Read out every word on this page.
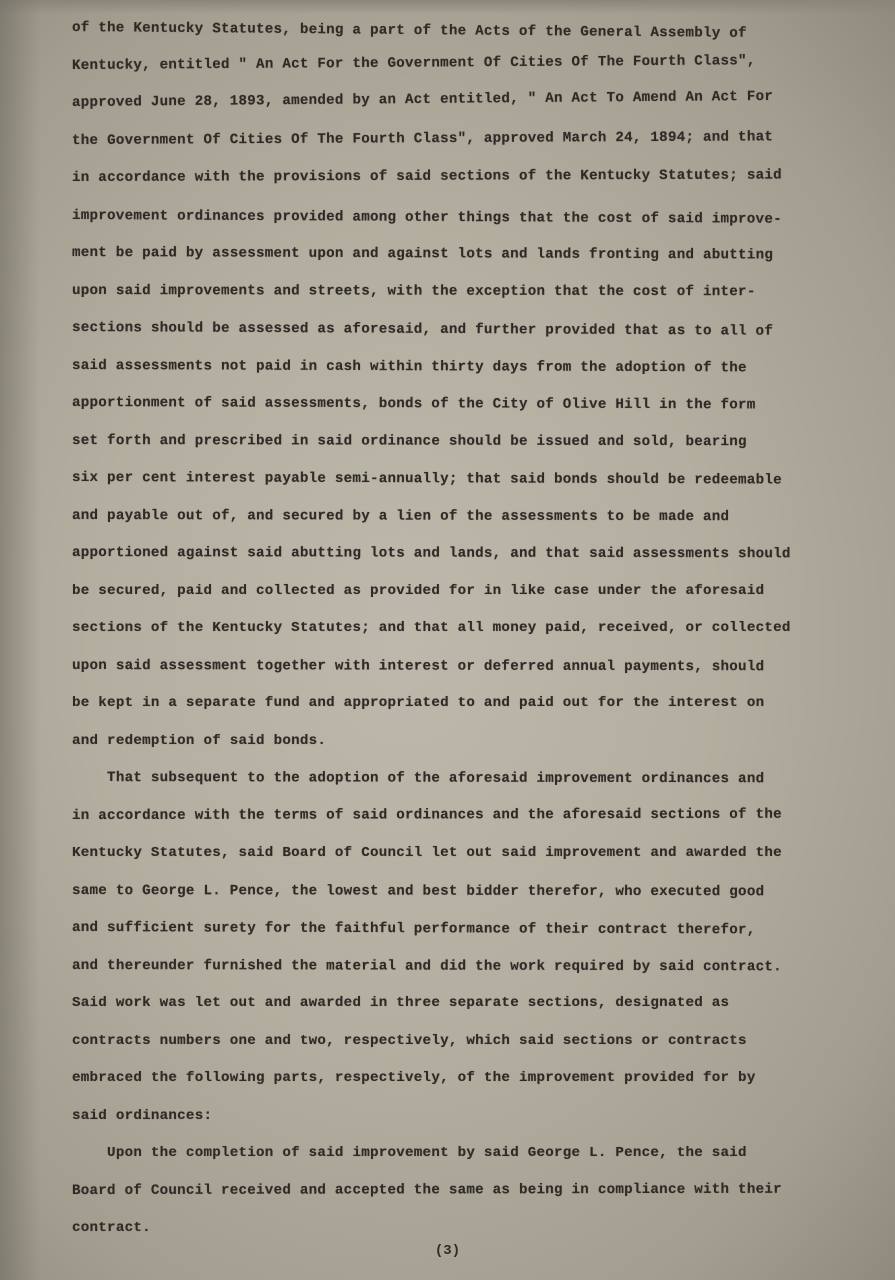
of the Kentucky Statutes, being a part of the Acts of the General Assembly of
Kentucky, entitled " An Act For the Government Of Cities Of The Fourth Class",
approved June 28, 1893, amended by an Act entitled, " An Act To Amend An Act For
the Government Of Cities Of The Fourth Class", approved March 24, 1894; and that
in accordance with the provisions of said sections of the Kentucky Statutes; said
improvement ordinances provided among other things that the cost of said improve-
ment be paid by assessment upon and against lots and lands fronting and abutting
upon said improvements and streets, with the exception that the cost of inter-
sections should be assessed as aforesaid, and further provided that as to all of
said assessments not paid in cash within thirty days from the adoption of the
apportionment of said assessments, bonds of the City of Olive Hill in the form
set forth and prescribed in said ordinance should be issued and sold, bearing
six per cent interest payable semi-annually; that said bonds should be redeemable
and payable out of, and secured by a lien of the assessments to be made and
apportioned against said abutting lots and lands, and that said assessments should
be secured, paid and collected as provided for in like case under the aforesaid
sections of the Kentucky Statutes; and that all money paid, received, or collected
upon said assessment together with interest or deferred annual payments, should
be kept in a separate fund and appropriated to and paid out for the interest on
and redemption of said bonds.
That subsequent to the adoption of the aforesaid improvement ordinances and
in accordance with the terms of said ordinances and the aforesaid sections of the
Kentucky Statutes, said Board of Council let out said improvement and awarded the
same to George L. Pence, the lowest and best bidder therefor, who executed good
and sufficient surety for the faithful performance of their contract therefor,
and thereunder furnished the material and did the work required by said contract.
Said work was let out and awarded in three separate sections, designated as
contracts numbers one and two, respectively, which said sections or contracts
embraced the following parts, respectively, of the improvement provided for by
said ordinances:
Upon the completion of said improvement by said George L. Pence, the said
Board of Council received and accepted the same as being in compliance with their
contract.
(3)
